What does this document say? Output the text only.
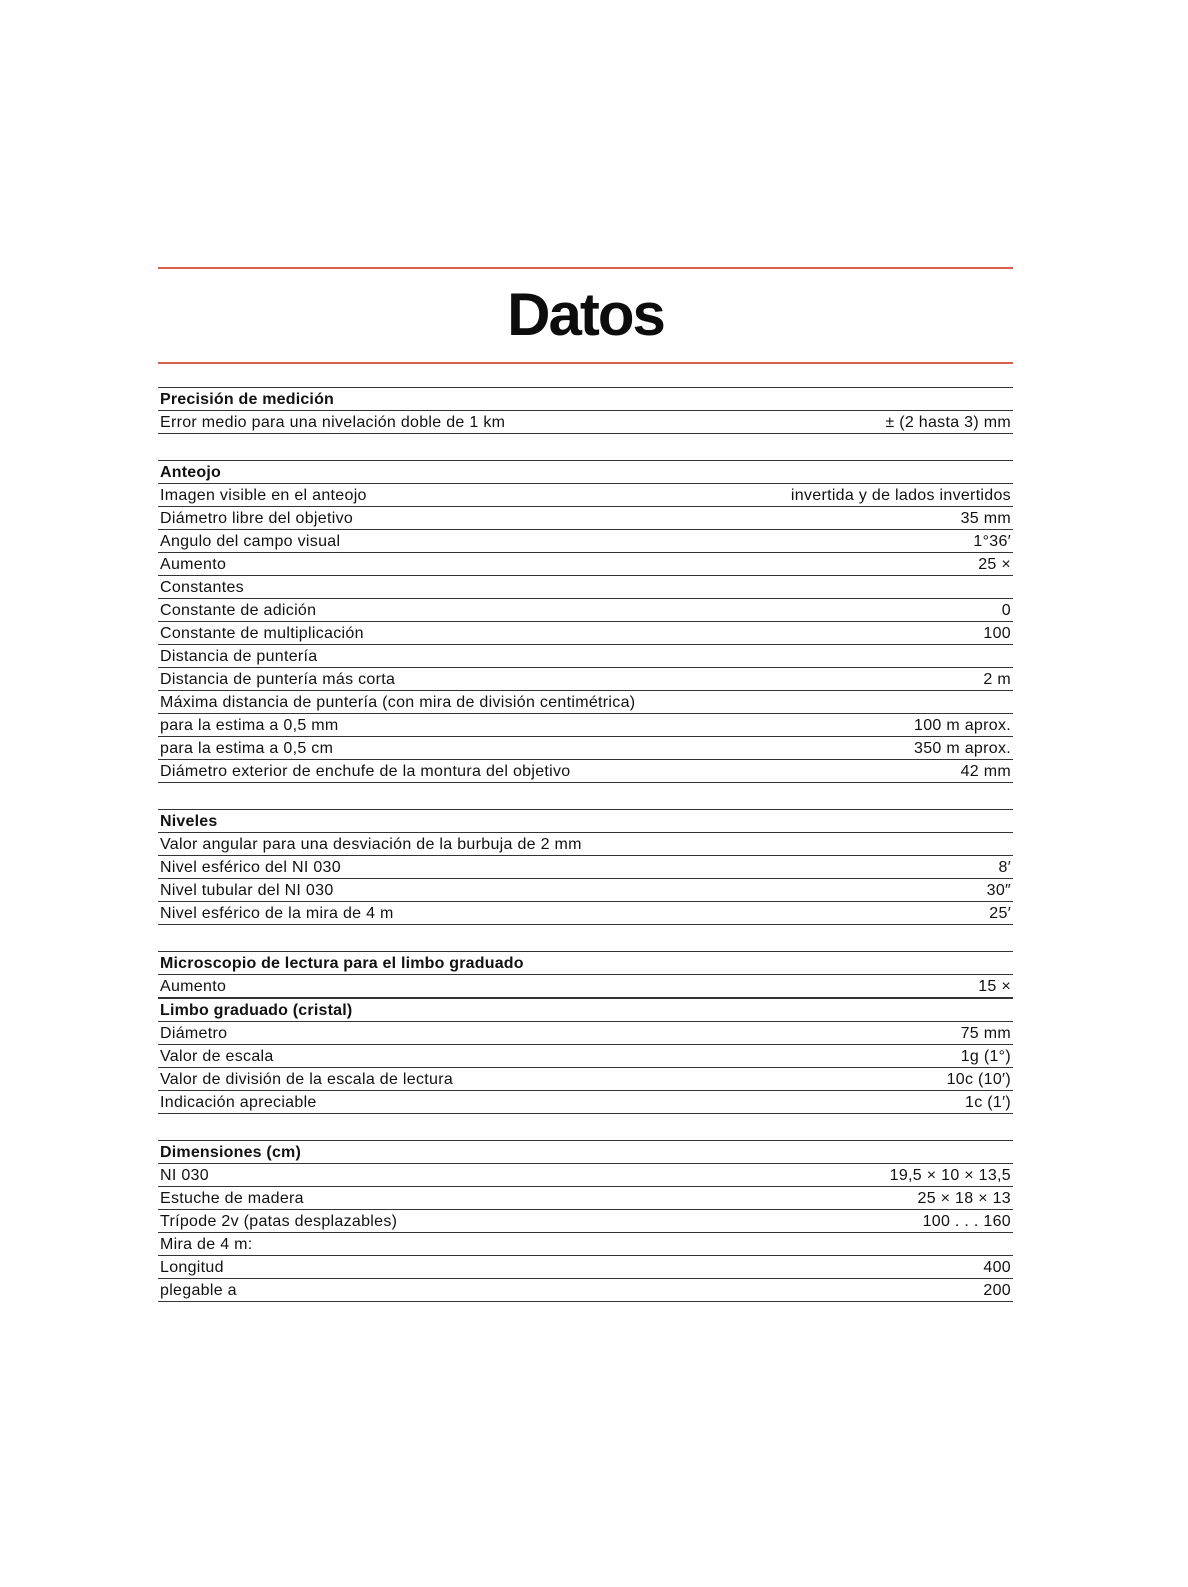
Datos
Precisión de medición
Error medio para una nivelación doble de 1 km	± (2 hasta 3) mm
Anteojo
Imagen visible en el anteojo	invertida y de lados invertidos
Diámetro libre del objetivo	35 mm
Angulo del campo visual	1°36′
Aumento	25 ×
Constantes
Constante de adición	0
Constante de multiplicación	100
Distancia de puntería
Distancia de puntería más corta	2 m
Máxima distancia de puntería (con mira de división centimétrica)
para la estima a 0,5 mm	100 m aprox.
para la estima a 0,5 cm	350 m aprox.
Diámetro exterior de enchufe de la montura del objetivo	42 mm
Niveles
Valor angular para una desviación de la burbuja de 2 mm
Nivel esférico del NI 030	8′
Nivel tubular del NI 030	30″
Nivel esférico de la mira de 4 m	25′
Microscopio de lectura para el limbo graduado
Aumento	15 ×
Limbo graduado (cristal)
Diámetro	75 mm
Valor de escala	1g (1°)
Valor de división de la escala de lectura	10c (10′)
Indicación apreciable	1c (1′)
Dimensiones (cm)
NI 030	19,5 × 10 × 13,5
Estuche de madera	25 × 18 × 13
Trípode 2v (patas desplazables)	100 . . . 160
Mira de 4 m:
Longitud	400
plegable a	200
